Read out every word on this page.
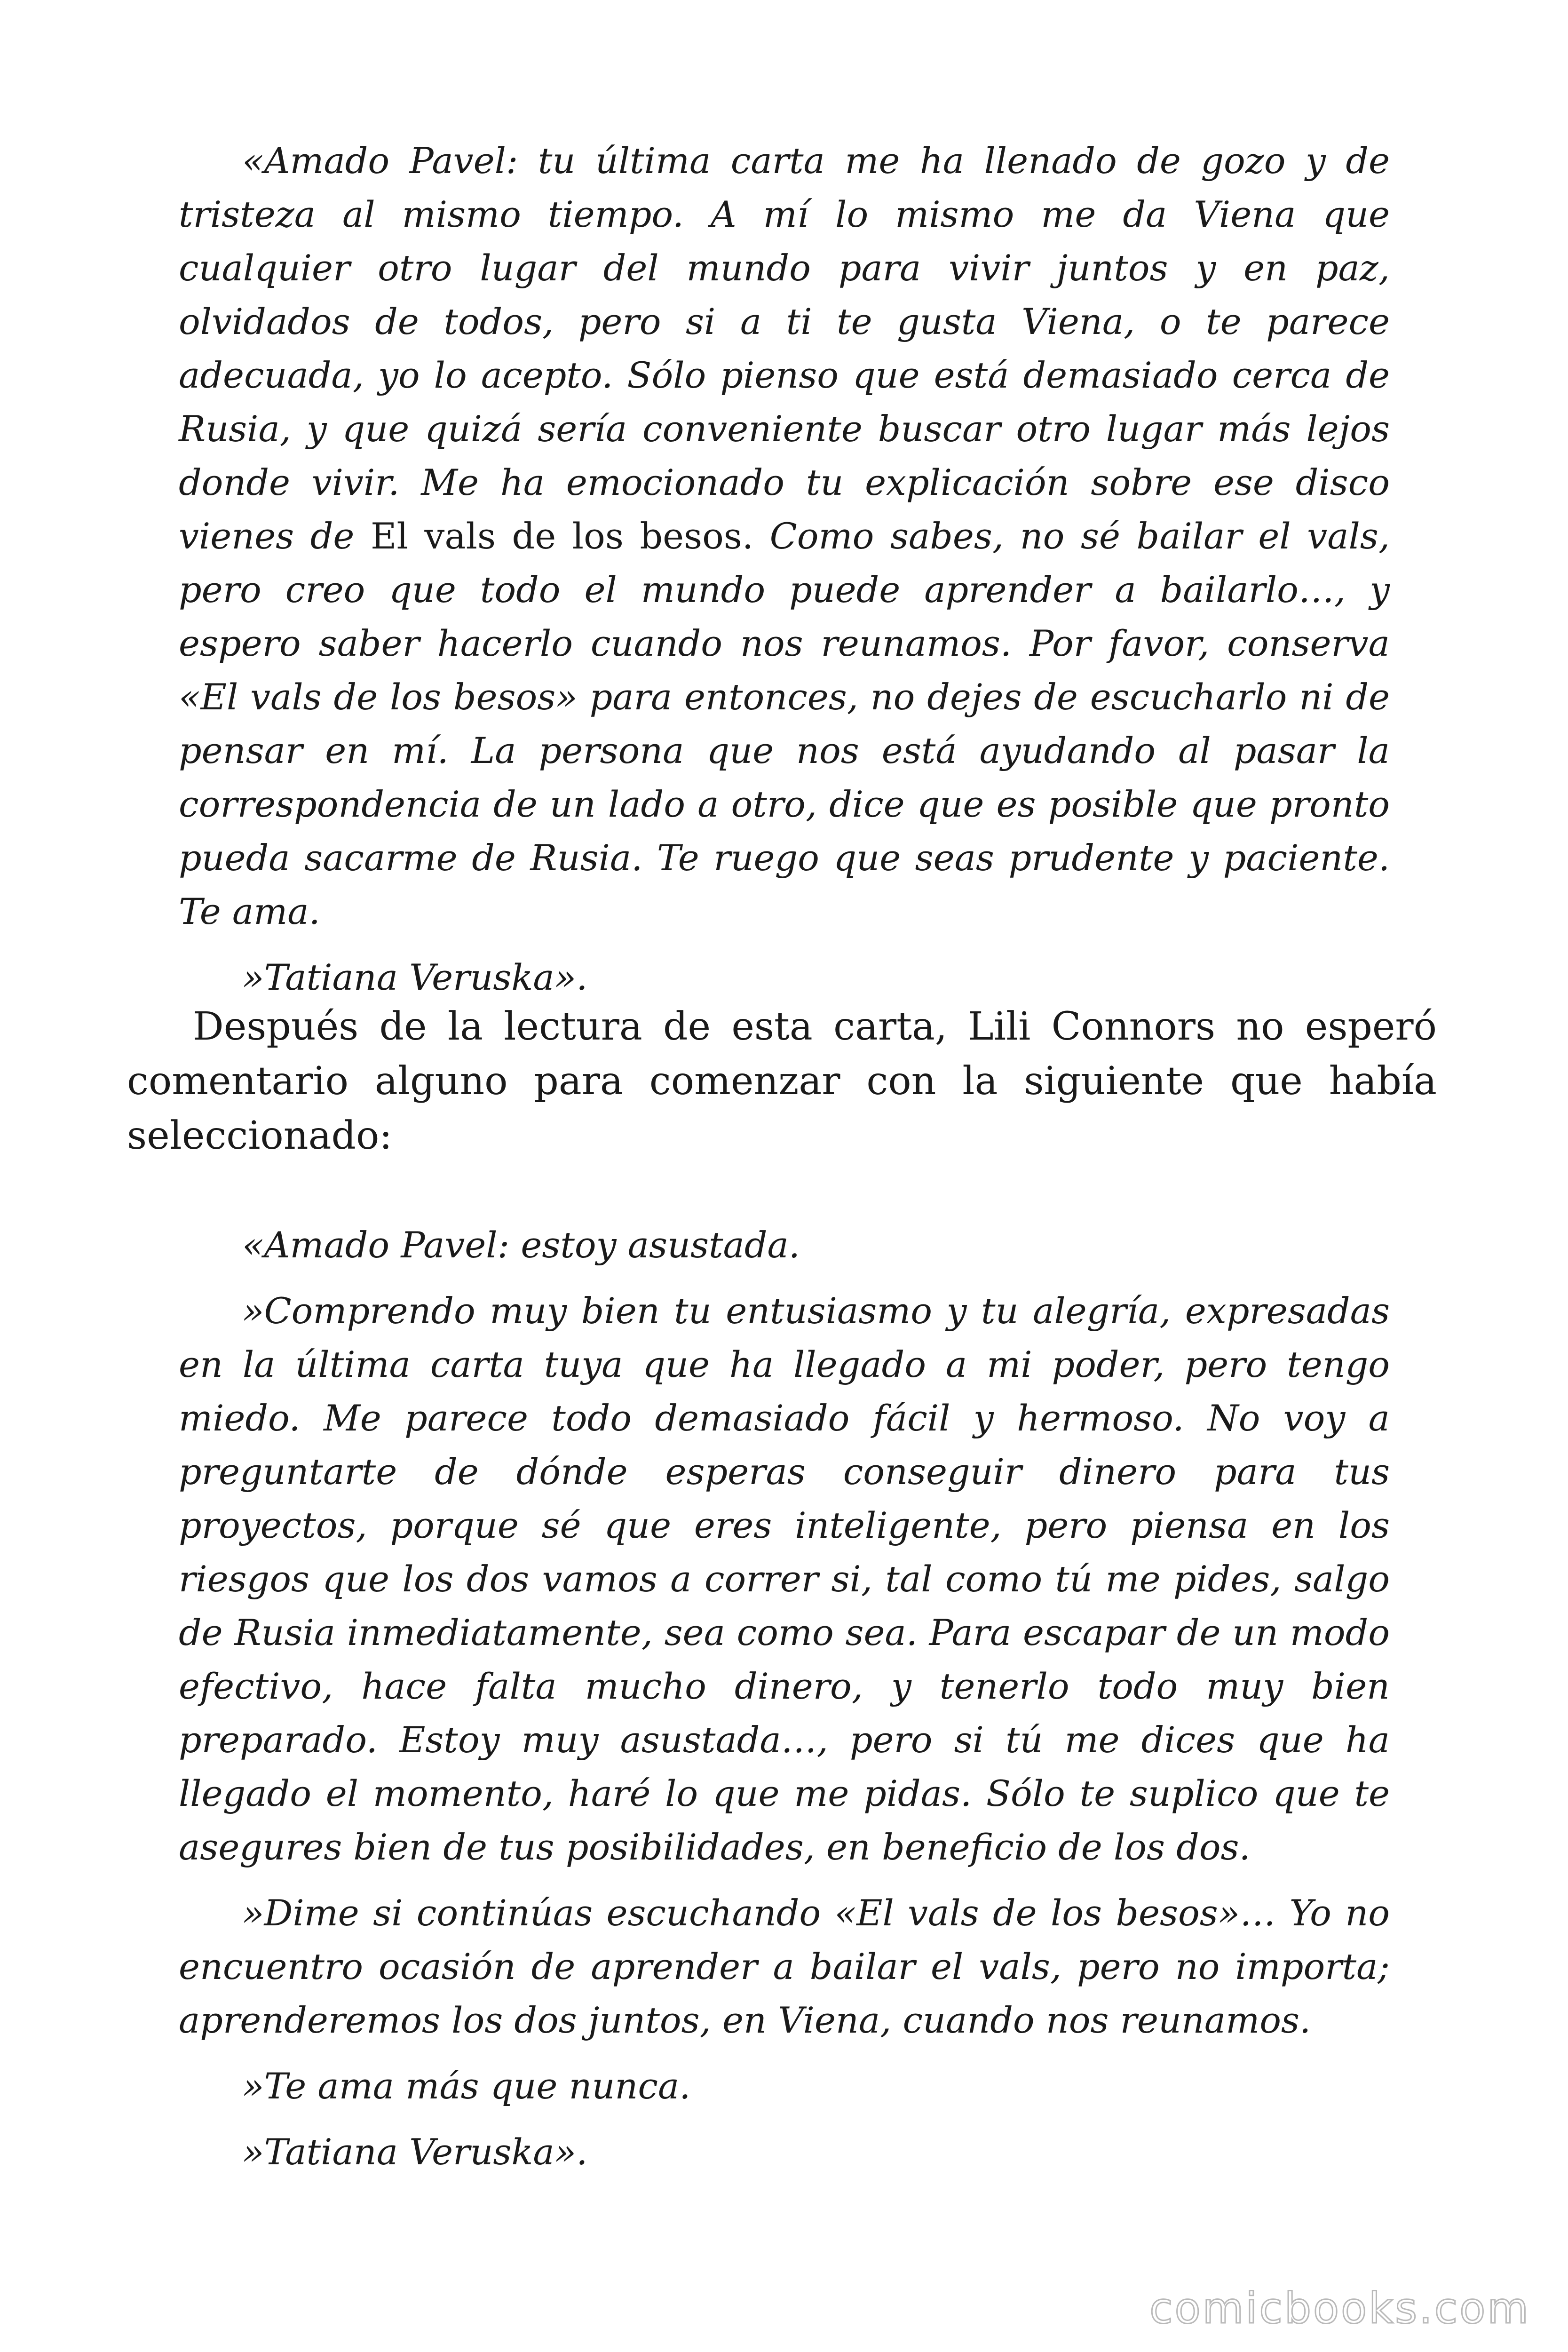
«Amado Pavel: tu última carta me ha llenado de gozo y de tristeza al mismo tiempo. A mí lo mismo me da Viena que cualquier otro lugar del mundo para vivir juntos y en paz, olvidados de todos, pero si a ti te gusta Viena, o te parece adecuada, yo lo acepto. Sólo pienso que está demasiado cerca de Rusia, y que quizá sería conveniente buscar otro lugar más lejos donde vivir. Me ha emocionado tu explicación sobre ese disco vienes de El vals de los besos. Como sabes, no sé bailar el vals, pero creo que todo el mundo puede aprender a bailarlo…, y espero saber hacerlo cuando nos reunamos. Por favor, conserva «El vals de los besos» para entonces, no dejes de escucharlo ni de pensar en mí. La persona que nos está ayudando al pasar la correspondencia de un lado a otro, dice que es posible que pronto pueda sacarme de Rusia. Te ruego que seas prudente y paciente. Te ama.

»Tatiana Veruska».

Después de la lectura de esta carta, Lili Connors no esperó comentario alguno para comenzar con la siguiente que había seleccionado:

«Amado Pavel: estoy asustada.

»Comprendo muy bien tu entusiasmo y tu alegría, expresadas en la última carta tuya que ha llegado a mi poder, pero tengo miedo. Me parece todo demasiado fácil y hermoso. No voy a preguntarte de dónde esperas conseguir dinero para tus proyectos, porque sé que eres inteligente, pero piensa en los riesgos que los dos vamos a correr si, tal como tú me pides, salgo de Rusia inmediatamente, sea como sea. Para escapar de un modo efectivo, hace falta mucho dinero, y tenerlo todo muy bien preparado. Estoy muy asustada…, pero si tú me dices que ha llegado el momento, haré lo que me pidas. Sólo te suplico que te asegures bien de tus posibilidades, en beneficio de los dos.

»Dime si continúas escuchando «El vals de los besos»… Yo no encuentro ocasión de aprender a bailar el vals, pero no importa; aprenderemos los dos juntos, en Viena, cuando nos reunamos.

»Te ama más que nunca.

»Tatiana Veruska».

comicbooks.com
